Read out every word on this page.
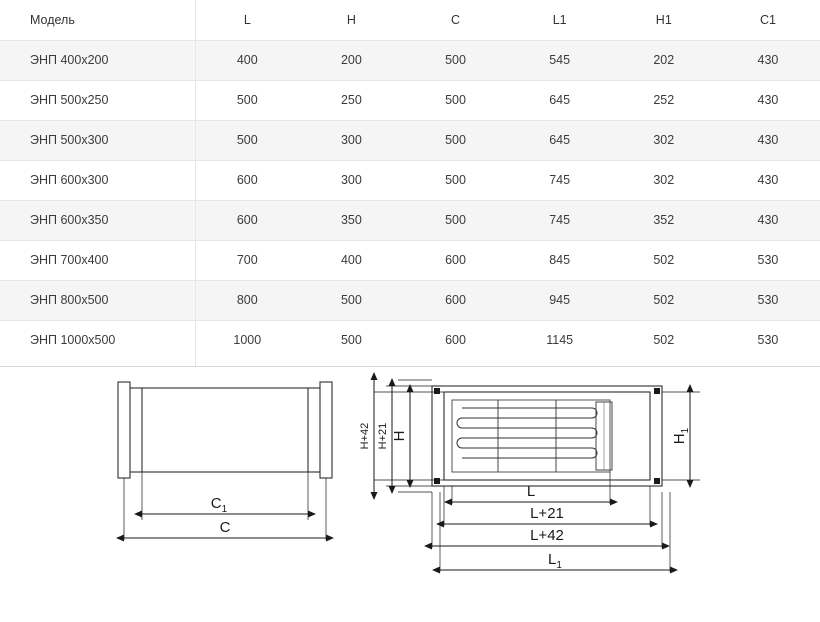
Модель	L	H	C	L1	H1	C1
ЭНП 400x200	400	200	500	545	202	430
ЭНП 500x250	500	250	500	645	252	430
ЭНП 500x300	500	300	500	645	302	430
ЭНП 600x300	600	300	500	745	302	430
ЭНП 600x350	600	350	500	745	352	430
ЭНП 700x400	700	400	600	845	502	530
ЭНП 800x500	800	500	600	945	502	530
ЭНП 1000x500	1000	500	600	1145	502	530
$C_1$
C
H
H+21
H+42	$H_1$
L
L+21
L+42
$L_1$
